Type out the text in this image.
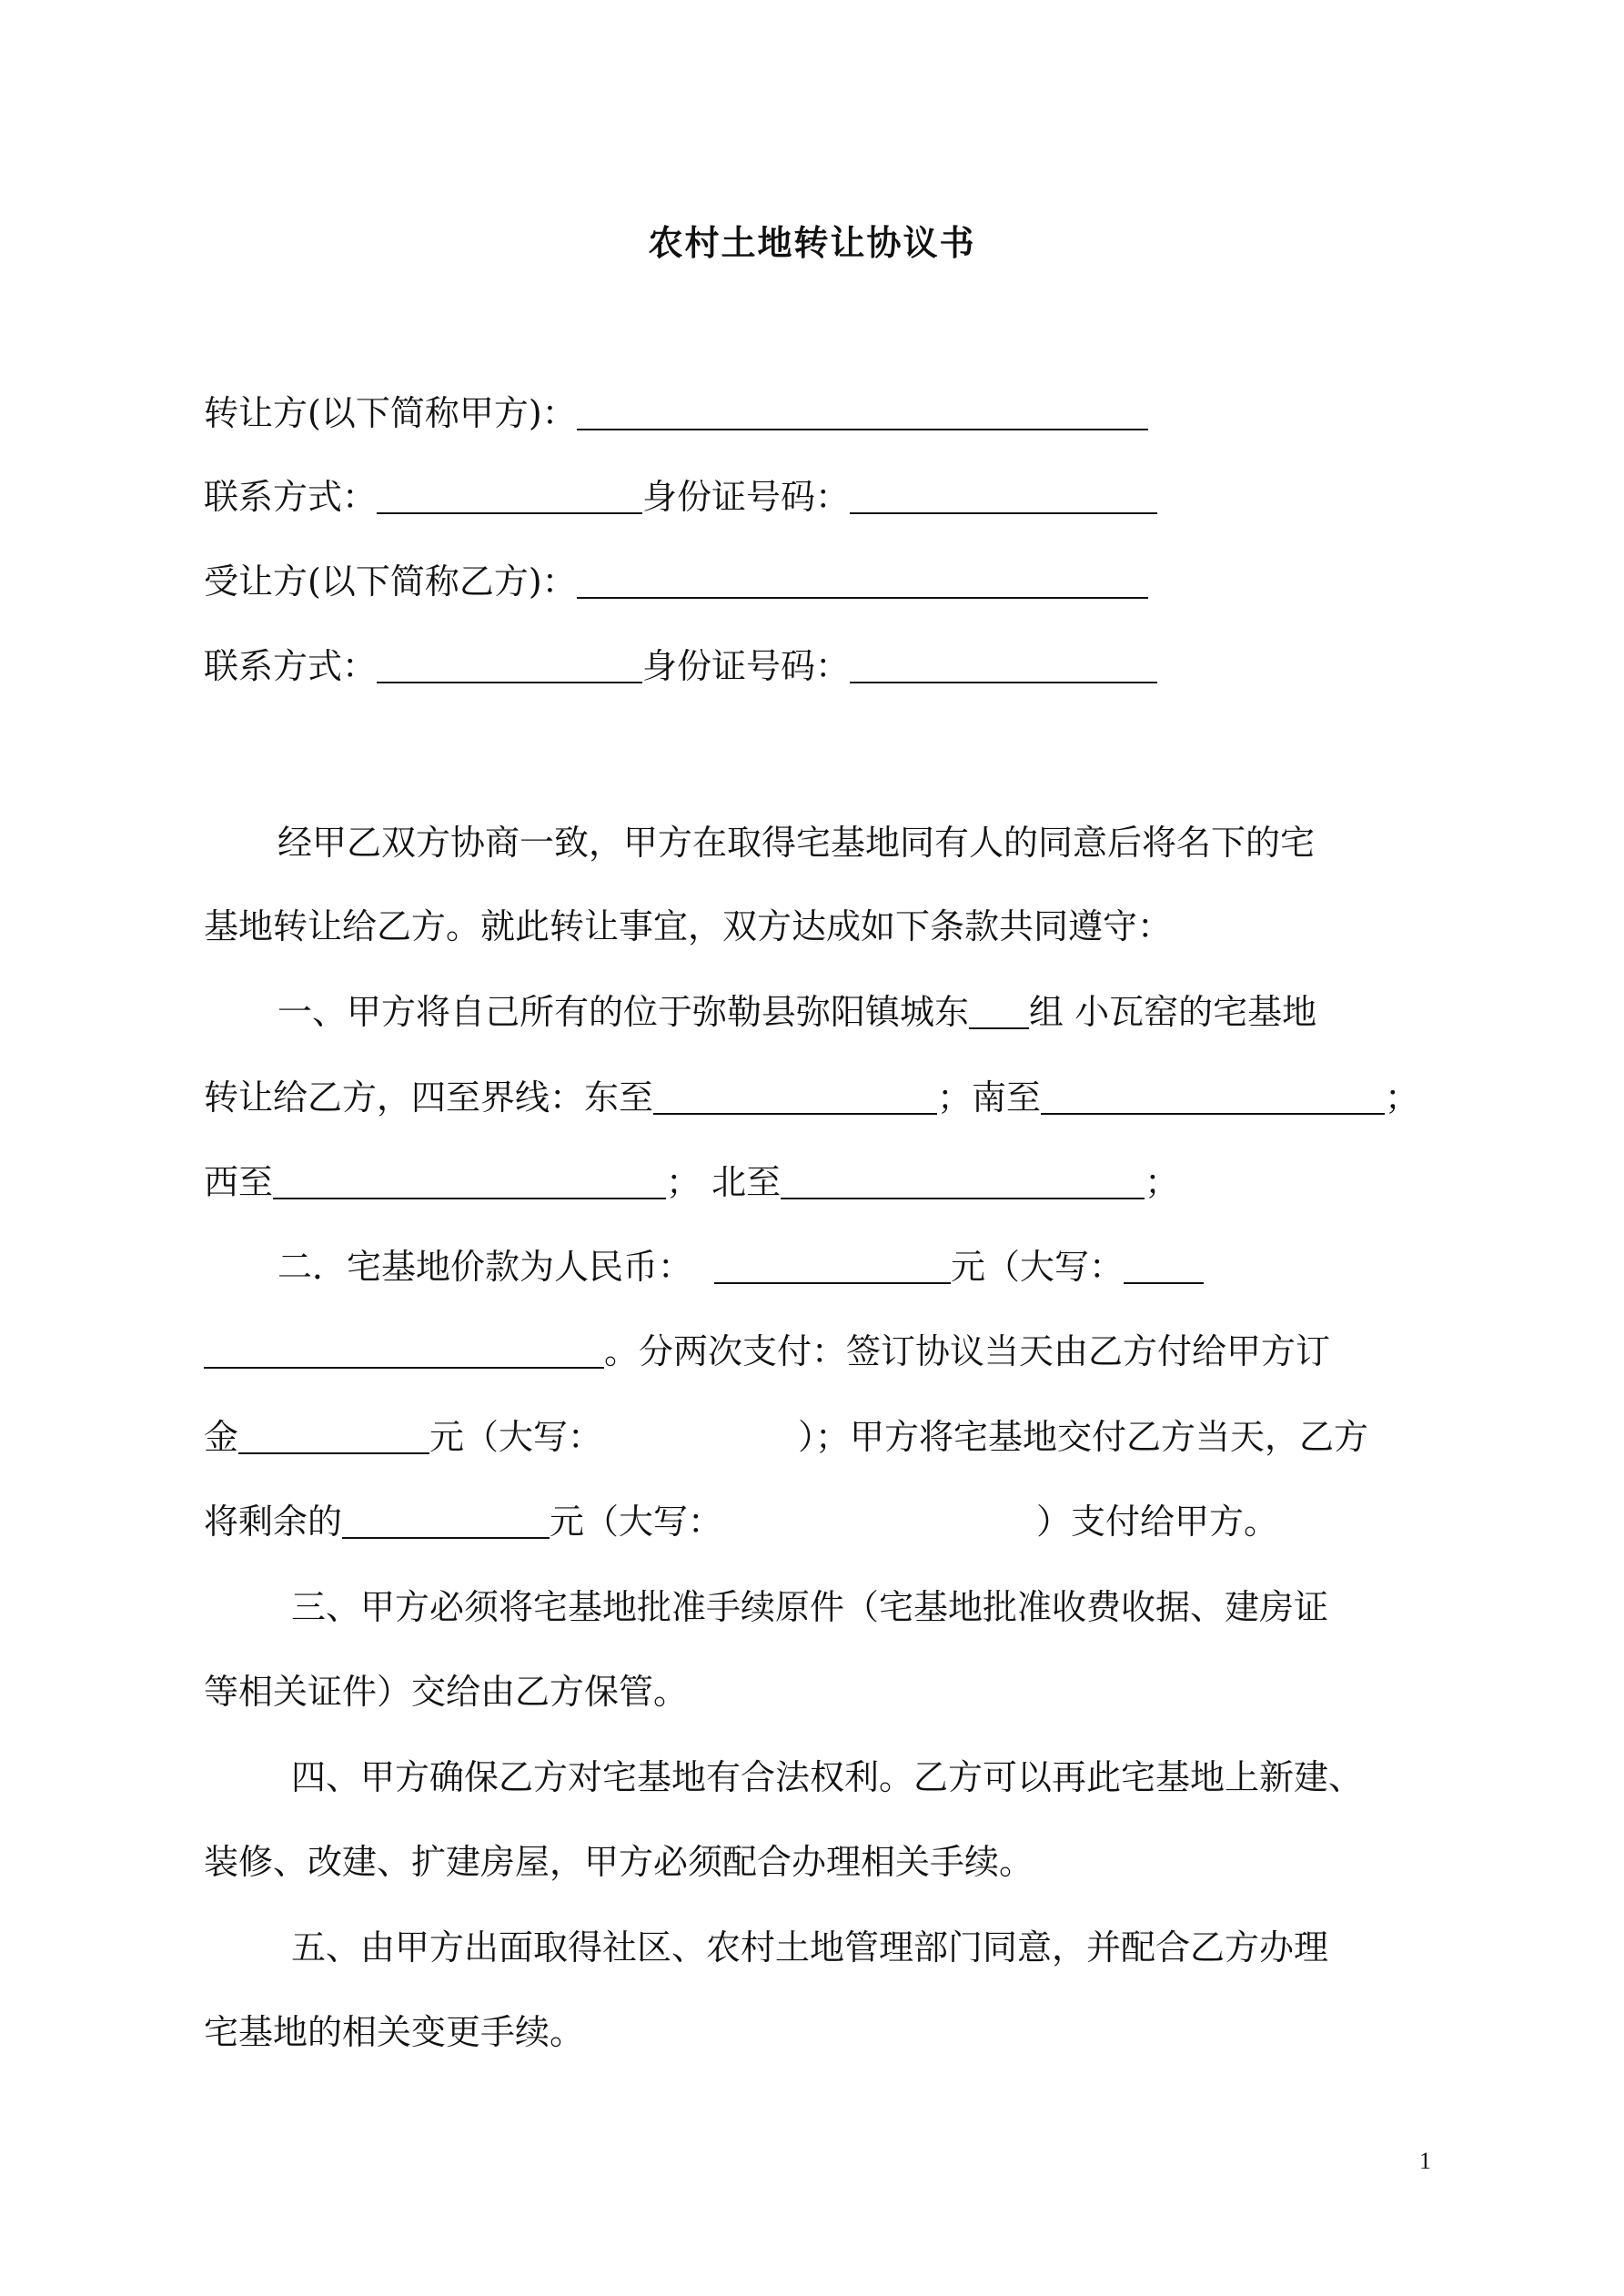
农村土地转让协议书
转让方(以下简称甲方)：
联系方式：	身份证号码：
受让方(以下简称乙方)：
联系方式：	身份证号码：
经甲乙双方协商一致，甲方在取得宅基地同有人的同意后将名下的宅
基地转让给乙方。就此转让事宜，双方达成如下条款共同遵守：
一、甲方将自己所有的位于弥勒县弥阳镇城东 组 小瓦窑的宅基地
转让给乙方，四至界线：东至	；南至	；
西至	； 北至	；
二．宅基地价款为人民币：	元（大写：
。分两次支付：签订协议当天由乙方付给甲方订
金	元（大写：	）；甲方将宅基地交付乙方当天，乙方
将剩余的	元（大写：	）支付给甲方。
三、甲方必须将宅基地批准手续原件（宅基地批准收费收据、建房证
等相关证件）交给由乙方保管。
四、甲方确保乙方对宅基地有合法权利。乙方可以再此宅基地上新建、
装修、改建、扩建房屋，甲方必须配合办理相关手续。
五、由甲方出面取得社区、农村土地管理部门同意，并配合乙方办理
宅基地的相关变更手续。
1
